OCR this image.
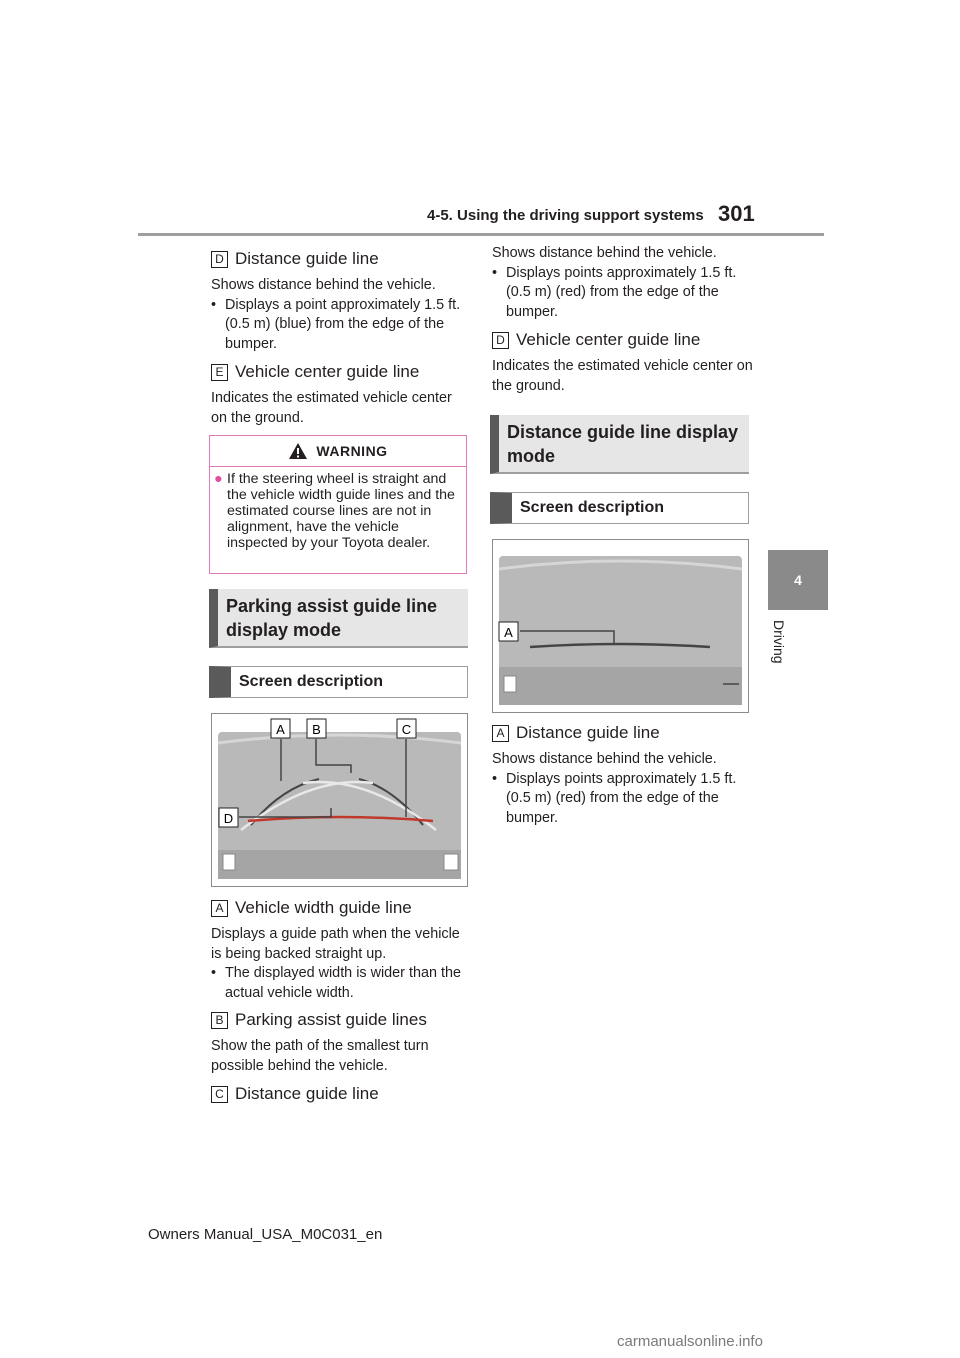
4-5. Using the driving support systems 301
4
Driving
D Distance guide line
Shows distance behind the vehicle.
• Displays a point approximately 1.5 ft. (0.5 m) (blue) from the edge of the bumper.
E Vehicle center guide line
Indicates the estimated vehicle center on the ground.
WARNING
● If the steering wheel is straight and the vehicle width guide lines and the estimated course lines are not in alignment, have the vehicle inspected by your Toyota dealer.
Parking assist guide line display mode
Screen description
A B	C
D
A Vehicle width guide line
Displays a guide path when the vehicle is being backed straight up.
• The displayed width is wider than the actual vehicle width.
B Parking assist guide lines
Show the path of the smallest turn possible behind the vehicle.
C Distance guide line
Shows distance behind the vehicle.
• Displays points approximately 1.5 ft. (0.5 m) (red) from the edge of the bumper.
D Vehicle center guide line
Indicates the estimated vehicle center on the ground.
Distance guide line display mode
Screen description
A
A Distance guide line
Shows distance behind the vehicle.
• Displays points approximately 1.5 ft. (0.5 m) (red) from the edge of the bumper.
Owners Manual_USA_M0C031_en
carmanualsonline.info
